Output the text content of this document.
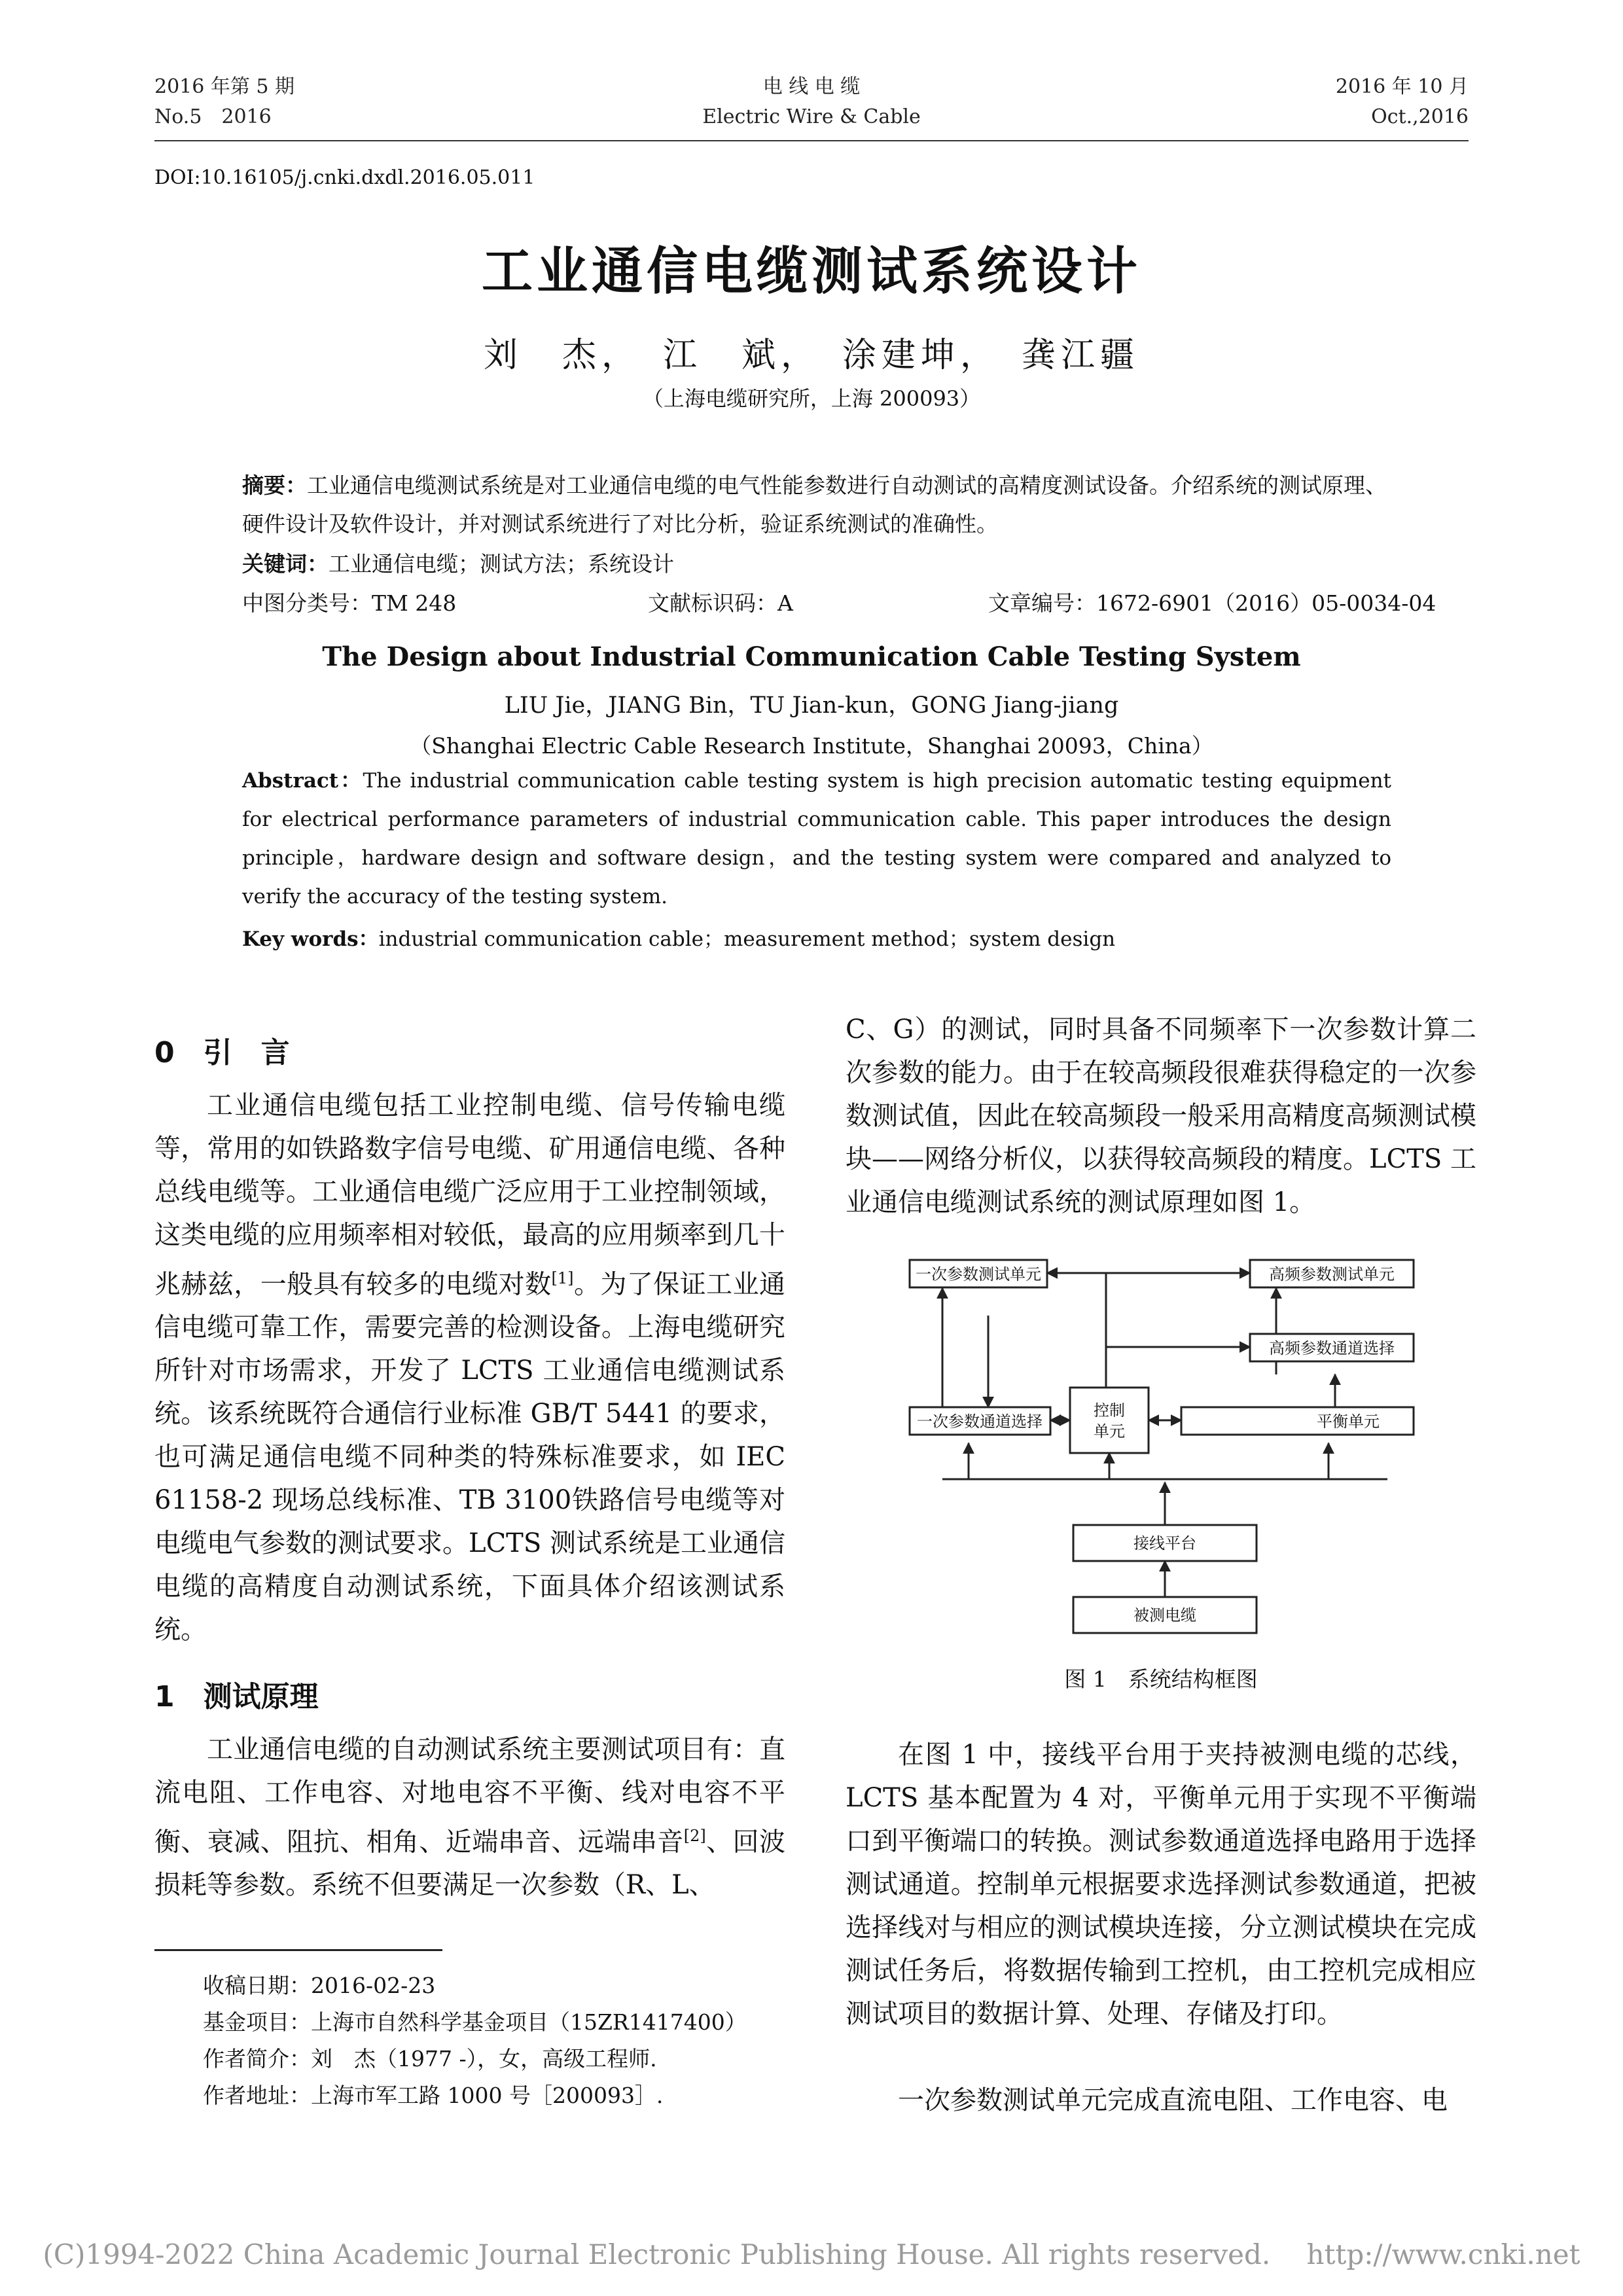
2016 年第 5 期
No.5　2016
电 线 电 缆
Electric Wire & Cable
2016 年 10 月
Oct.,2016
DOI:10.16105/j.cnki.dxdl.2016.05.011
工业通信电缆测试系统设计
刘　杰，　江　斌，　涂建坤，　龚江疆
（上海电缆研究所，上海 200093）
摘要：工业通信电缆测试系统是对工业通信电缆的电气性能参数进行自动测试的高精度测试设备。介绍系统的测试原理、硬件设计及软件设计，并对测试系统进行了对比分析，验证系统测试的准确性。
关键词：工业通信电缆；测试方法；系统设计
中图分类号：TM 248	文献标识码：A	文章编号：1672-6901（2016）05-0034-04
The Design about Industrial Communication Cable Testing System
LIU Jie，JIANG Bin，TU Jian-kun，GONG Jiang-jiang
（Shanghai Electric Cable Research Institute，Shanghai 20093，China）
Abstract：The industrial communication cable testing system is high precision automatic testing equipment for electrical performance parameters of industrial communication cable. This paper introduces the design principle，hardware design and software design，and the testing system were compared and analyzed to verify the accuracy of the testing system.
Key words：industrial communication cable；measurement method；system design
0　引　言
工业通信电缆包括工业控制电缆、信号传输电缆等，常用的如铁路数字信号电缆、矿用通信电缆、各种总线电缆等。工业通信电缆广泛应用于工业控制领域，这类电缆的应用频率相对较低，最高的应用频率到几十兆赫兹，一般具有较多的电缆对数[1]。为了保证工业通信电缆可靠工作，需要完善的检测设备。上海电缆研究所针对市场需求，开发了 LCTS 工业通信电缆测试系统。该系统既符合通信行业标准 GB/T 5441 的要求，也可满足通信电缆不同种类的特殊标准要求，如 IEC 61158-2 现场总线标准、TB 3100铁路信号电缆等对电缆电气参数的测试要求。LCTS 测试系统是工业通信电缆的高精度自动测试系统，下面具体介绍该测试系统。
1　测试原理
工业通信电缆的自动测试系统主要测试项目有：直流电阻、工作电容、对地电容不平衡、线对电容不平衡、衰减、阻抗、相角、近端串音、远端串音[2]、回波损耗等参数。系统不但要满足一次参数（R、L、
收稿日期：2016-02-23
基金项目：上海市自然科学基金项目（15ZR1417400）
作者简介：刘　杰（1977 -），女，高级工程师.
作者地址：上海市军工路 1000 号［200093］.
C、G）的测试，同时具备不同频率下一次参数计算二次参数的能力。由于在较高频段很难获得稳定的一次参数测试值，因此在较高频段一般采用高精度高频测试模块——网络分析仪，以获得较高频段的精度。LCTS 工业通信电缆测试系统的测试原理如图 1。
一次参数测试单元	高频参数测试单元
高频参数通道选择
一次参数通道选择
控制
单元
平衡单元
接线平台
被测电缆
图 1　系统结构框图
在图 1 中，接线平台用于夹持被测电缆的芯线，LCTS 基本配置为 4 对，平衡单元用于实现不平衡端口到平衡端口的转换。测试参数通道选择电路用于选择测试通道。控制单元根据要求选择测试参数通道，把被选择线对与相应的测试模块连接，分立测试模块在完成测试任务后，将数据传输到工控机，由工控机完成相应测试项目的数据计算、处理、存储及打印。
一次参数测试单元完成直流电阻、工作电容、电
(C)1994-2022 China Academic Journal Electronic Publishing House. All rights reserved.　 http://www.cnki.net
